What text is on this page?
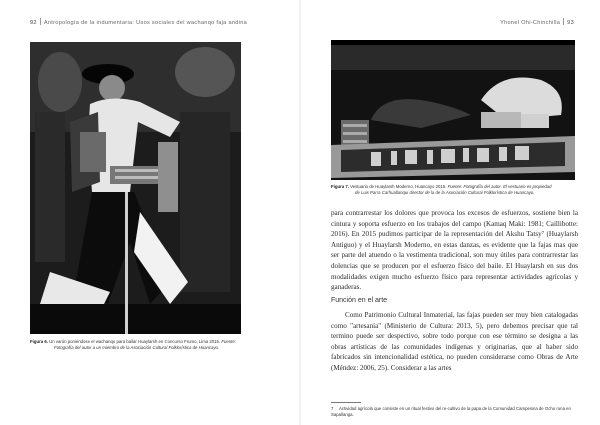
92 Antropología de la indumentaria: Usos sociales del wachanqo faja andina
Figura 6. Un varón poniéndose el wachanqo para bailar Huaylarsh en Concurso Frumo, Lima 2015. Fuente:
Fotografía del autor a un miembro de la Asociación Cultural Folklorística de Huancayo.
Yhonel Ohi-Chinchilla 93
Figura 7. Vestuario de Huaylarsh Moderno, Huancayo 2015. Fuente: Fotografía del autor. El vestuario es propiedad
de Luis Parra Carhuallanqui director de la de la Asociación Cultural Folklorística de Huancayo.

para contrarrestar los dolores que provoca los excesos de esfuerzos, sostiene bien la cintura y soporta esfuerzo en los trabajos del campo (Kamaq Maki: 1981; Caillibotte: 2016). En 2015 pudimos participar de la representación del Akshu Tatsy⁷ (Huaylarsh Antiguo) y el Huaylarsh Moderno, en estas danzas, es evidente que la fajas mas que ser parte del atuendo o la vestimenta tradicional, son muy útiles para contrarrestar las dolencias que se producen por el esfuerzo físico del baile. El Huaylarsh en sus dos modalidades exigen mucho esfuerzo físico para representar actividades agrícolas y ganaderas.

Función en el arte

Como Patrimonio Cultural Inmaterial, las fajas pueden ser muy bien catalogadas como "artesanía" (Ministerio de Cultura: 2013, 5), pero debemos precisar que tal termino puede ser despectivo, sobre todo porque con ese término se designa a las obras artísticas de las comunidades indígenas y originarias, que al haber sido fabricados sin intencionalidad estética, no pueden considerarse como Obras de Arte (Méndez: 2006, 25). Considerar a las artes

7 Actividad agrícola que consiste en un ritual festivo del re-cultivo de la papa de la Comunidad Campesina de Ocho runa en Sapallanga.
